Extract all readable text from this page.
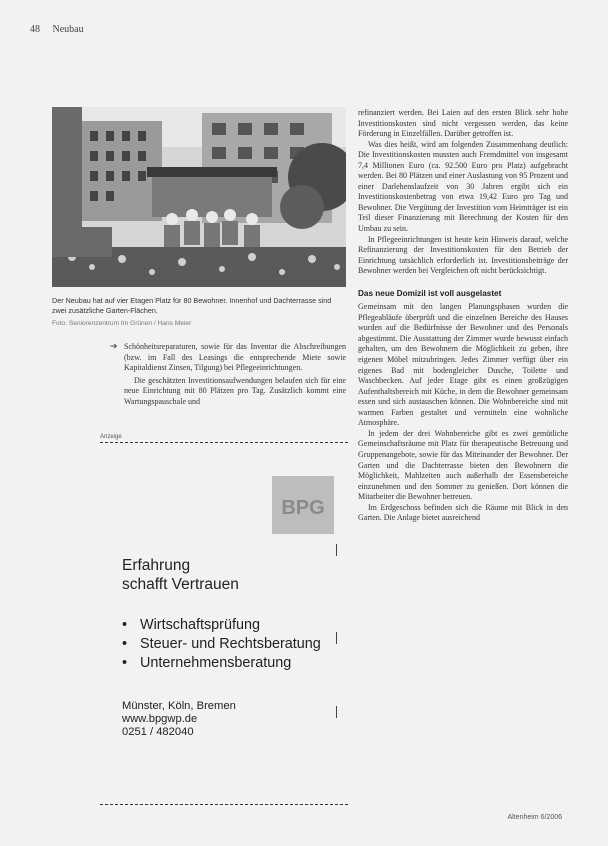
48 Neubau
Der Neubau hat auf vier Etagen Platz für 80 Bewohner. Innenhof und Dachterrasse sind zwei zusätzliche Garten-Flächen.
Foto: Seniorenzentrum Im Grünen / Hans Meier
➔ Schönheitsreparaturen, sowie für das Inventar die Abschreibungen (bzw. im Fall des Leasings die entsprechende Miete sowie Kapitaldienst Zinsen, Tilgung) bei Pflegeeinrichtungen.

Die geschätzten Investitionsaufwendungen belaufen sich für eine neue Einrichtung mit 80 Plätzen pro Tag. Zusätzlich kommt eine Wartungspauschale und

Anzeige
BPG
Erfahrung
schafft Vertrauen
• Wirtschaftsprüfung
• Steuer- und Rechtsberatung
• Unternehmensberatung
Münster, Köln, Bremen
www.bpgwp.de
0251 / 482040

refinanziert werden. Bei Laien auf den ersten Blick sehr hohe Investitionskosten sind nicht vergessen werden, das keine Förderung in Einzelfällen. Darüber getroffen ist.

Was dies heißt, wird am folgenden Zusammenhang deutlich: Die Investitionskosten mussten auch Fremdmittel von insgesamt 7,4 Millionen Euro (ca. 92.500 Euro pro Platz) aufgebracht werden. Bei 80 Plätzen und einer Auslastung von 95 Prozent und einer Darlehenslaufzeit von 30 Jahren ergibt sich ein Investitionskostenbetrag von etwa 19,42 Euro pro Tag und Bewohner. Die Vergütung der Investition vom Heimträger ist ein Teil dieser Finanzierung mit Berechnung der Kosten für den Umbau zu sein.

In Pflegeeinrichtungen ist heute kein Hinweis darauf, welche Refinanzierung der Investitionskosten für den Betrieb der Einrichtung tatsächlich erforderlich ist. Investitionsbeiträge der Bewohner werden bei Vergleichen oft nicht berücksichtigt.

Das neue Domizil ist voll ausgelastet

Gemeinsam mit den langen Planungsphasen wurden die Pflegeabläufe überprüft und die einzelnen Bereiche des Hauses wurden auf die Bedürfnisse der Bewohner und des Personals abgestimmt. Die Ausstattung der Zimmer wurde bewusst einfach gehalten, um den Bewohnern die Möglichkeit zu geben, ihre eigenen Möbel mitzubringen. Jedes Zimmer verfügt über ein eigenes Bad mit bodengleicher Dusche, Toilette und Waschbecken. Auf jeder Etage gibt es einen großzügigen Aufenthaltsbereich mit Küche, in dem die Bewohner gemeinsam essen und sich austauschen können. Die Wohnbereiche sind mit warmen Farben gestaltet und vermitteln eine wohnliche Atmosphäre.

In jedem der drei Wohnbereiche gibt es zwei gemütliche Gemeinschaftsräume mit Platz für therapeutische Betreuung und Gruppenangebote, sowie für das Miteinander der Bewohner. Der Garten und die Dachterrasse bieten den Bewohnern die Möglichkeit, Mahlzeiten auch außerhalb der Essensbereiche einzunehmen und den Sommer zu genießen. Dort können die Mitarbeiter die Bewohner betreuen.

Im Erdgeschoss befinden sich die Räume mit Blick in den Garten. Die Anlage bietet ausreichend

Altenheim 6/2006
